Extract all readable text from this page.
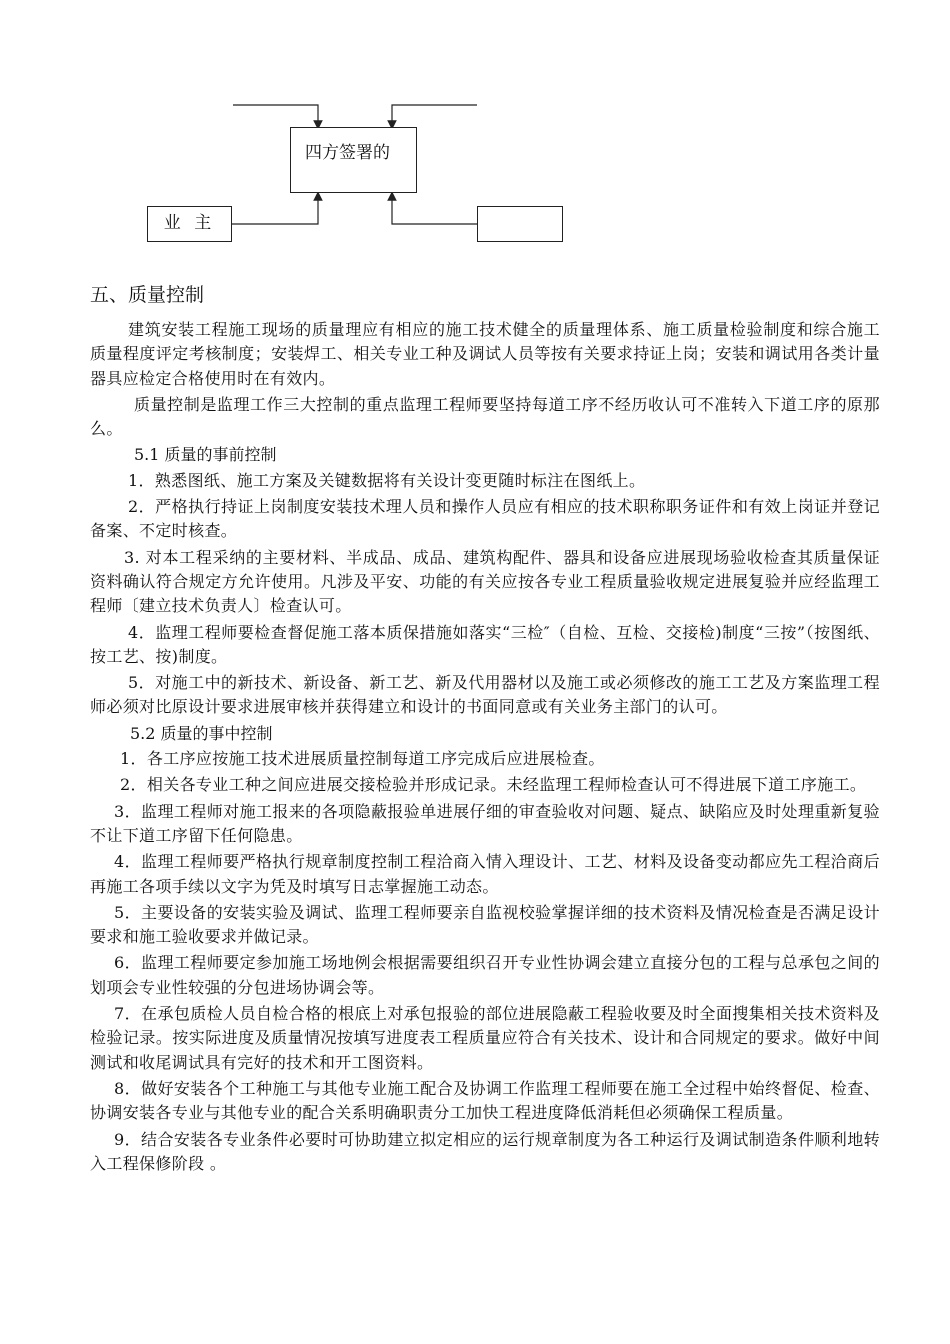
四方签署的
业 主
五、质量控制

建筑安装工程施工现场的质量理应有相应的施工技术健全的质量理体系、施工质量检验制度和综合施工质量程度评定考核制度；安装焊工、相关专业工种及调试人员等按有关要求持证上岗；安装和调试用各类计量器具应检定合格使用时在有效内。

质量控制是监理工作三大控制的重点监理工程师要坚持每道工序不经历收认可不准转入下道工序的原那么。

5.1 质量的事前控制

1．熟悉图纸、施工方案及关键数据将有关设计变更随时标注在图纸上。

2．严格执行持证上岗制度安装技术理人员和操作人员应有相应的技术职称职务证件和有效上岗证并登记备案、不定时核查。

3. 对本工程采纳的主要材料、半成品、成品、建筑构配件、器具和设备应进展现场验收检查其质量保证资料确认符合规定方允许使用。凡涉及平安、功能的有关应按各专业工程质量验收规定进展复验并应经监理工程师〔建立技术负责人〕检查认可。

4．监理工程师要检查督促施工落本质保措施如落实“三检″（自检、互检、交接检)制度“三按”（按图纸、按工艺、按)制度。

5．对施工中的新技术、新设备、新工艺、新及代用器材以及施工或必须修改的施工工艺及方案监理工程师必须对比原设计要求进展审核并获得建立和设计的书面同意或有关业务主部门的认可。

5.2 质量的事中控制

1．各工序应按施工技术进展质量控制每道工序完成后应进展检查。

2．相关各专业工种之间应进展交接检验并形成记录。未经监理工程师检查认可不得进展下道工序施工。

3．监理工程师对施工报来的各项隐蔽报验单进展仔细的审查验收对问题、疑点、缺陷应及时处理重新复验不让下道工序留下任何隐患。

4．监理工程师要严格执行规章制度控制工程洽商入情入理设计、工艺、材料及设备变动都应先工程洽商后再施工各项手续以文字为凭及时填写日志掌握施工动态。

5．主要设备的安装实验及调试、监理工程师要亲自监视校验掌握详细的技术资料及情况检查是否满足设计要求和施工验收要求并做记录。

6．监理工程师要定参加施工场地例会根据需要组织召开专业性协调会建立直接分包的工程与总承包之间的划项会专业性较强的分包进场协调会等。

7．在承包质检人员自检合格的根底上对承包报验的部位进展隐蔽工程验收要及时全面搜集相关技术资料及检验记录。按实际进度及质量情况按填写进度表工程质量应符合有关技术、设计和合同规定的要求。做好中间测试和收尾调试具有完好的技术和开工图资料。

8．做好安装各个工种施工与其他专业施工配合及协调工作监理工程师要在施工全过程中始终督促、检查、协调安装各专业与其他专业的配合关系明确职责分工加快工程进度降低消耗但必须确保工程质量。

9．结合安装各专业条件必要时可协助建立拟定相应的运行规章制度为各工种运行及调试制造条件顺利地转入工程保修阶段 。
